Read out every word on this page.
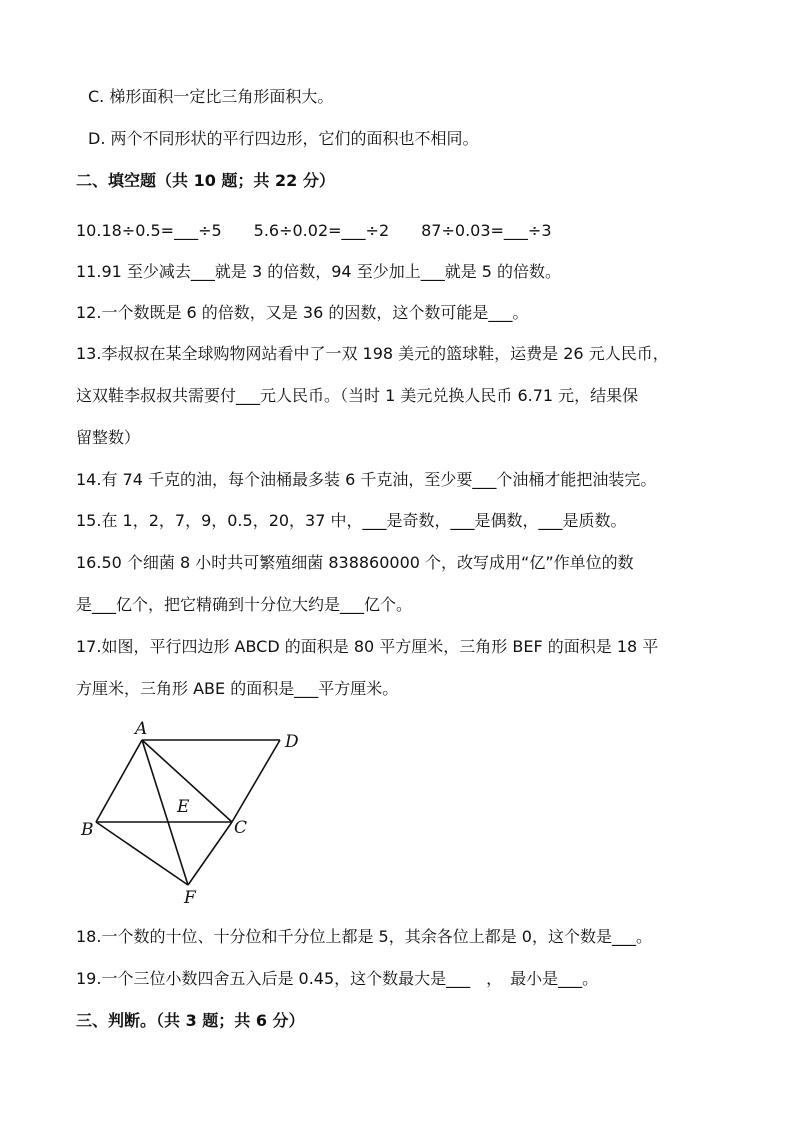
C. 梯形面积一定比三角形面积大。
D. 两个不同形状的平行四边形，它们的面积也不相同。
二、填空题（共 10 题；共 22 分）
10.18÷0.5=___÷5　　5.6÷0.02=___÷2　　87÷0.03=___÷3
11.91 至少减去___就是 3 的倍数，94 至少加上___就是 5 的倍数。
12.一个数既是 6 的倍数，又是 36 的因数，这个数可能是___。
13.李叔叔在某全球购物网站看中了一双 198 美元的篮球鞋，运费是 26 元人民币，
这双鞋李叔叔共需要付___元人民币。（当时 1 美元兑换人民币 6.71 元，结果保
留整数）
14.有 74 千克的油，每个油桶最多装 6 千克油，至少要___个油桶才能把油装完。
15.在 1，2，7，9，0.5，20，37 中，___是奇数，___是偶数，___是质数。
16.50 个细菌 8 小时共可繁殖细菌 838860000 个，改写成用“亿”作单位的数
是___亿个，把它精确到十分位大约是___亿个。
17.如图，平行四边形 ABCD 的面积是 80 平方厘米，三角形 BEF 的面积是 18 平
方厘米，三角形 ABE 的面积是___平方厘米。
18.一个数的十位、十分位和千分位上都是 5，其余各位上都是 0，这个数是___。
19.一个三位小数四舍五入后是 0.45，这个数最大是___　，　最小是___。
三、判断。（共 3 题；共 6 分）
A
D
E
B	C
F
